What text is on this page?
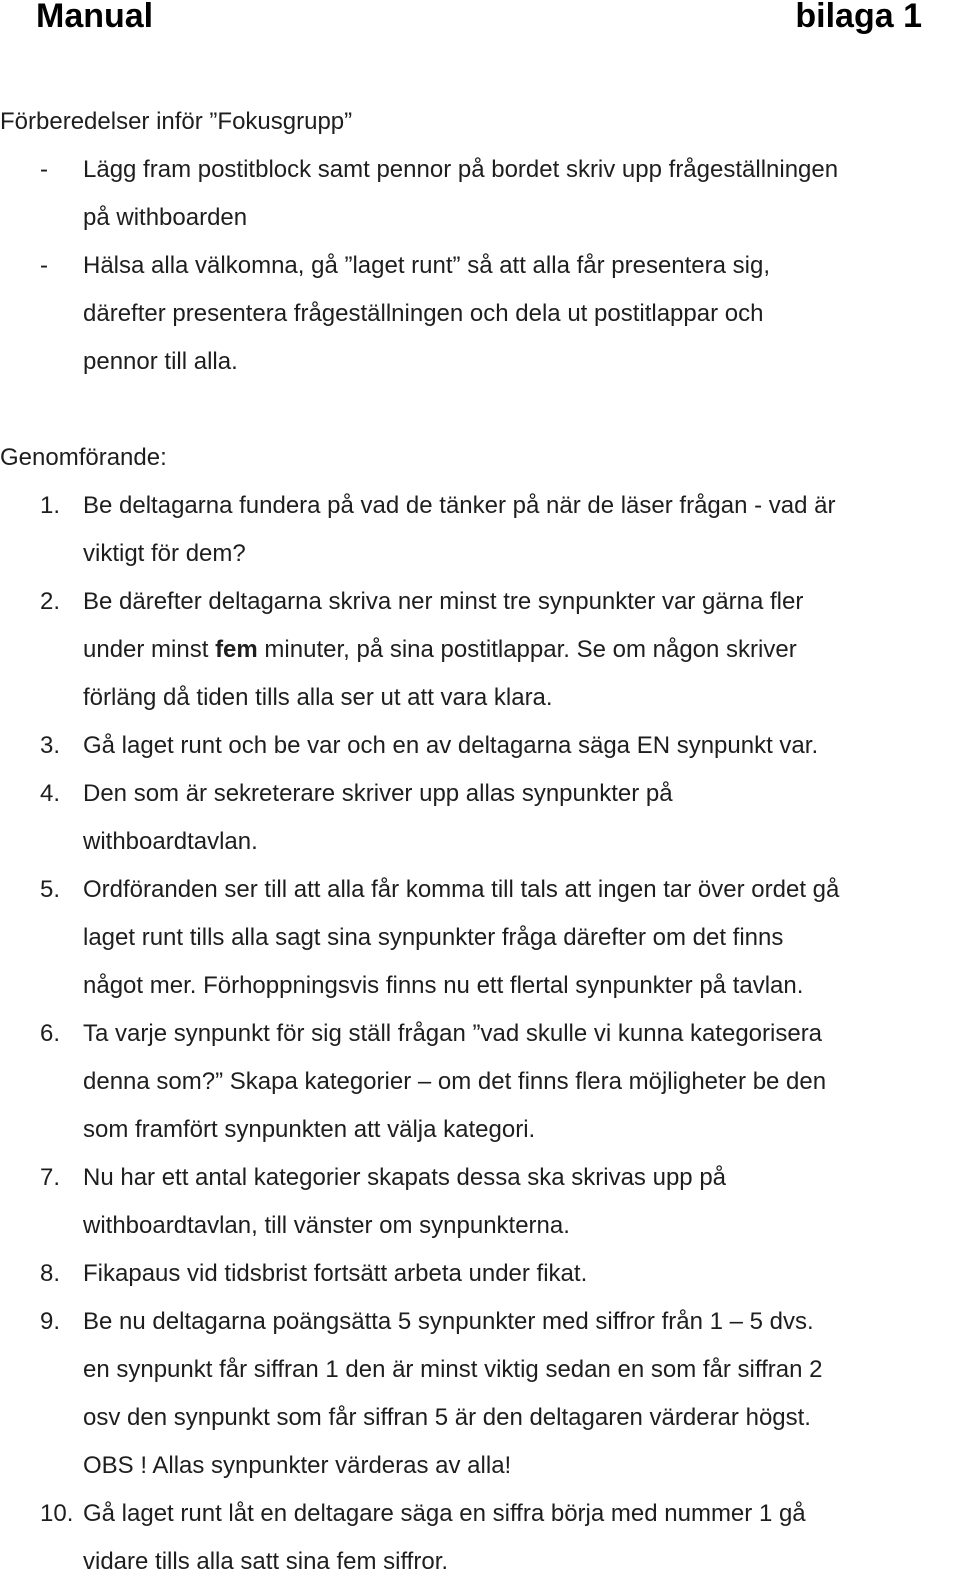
Manual	bilaga 1
Förberedelser inför ”Fokusgrupp”
- Lägg fram postitblock samt pennor på bordet skriv upp frågeställningen
på withboarden
- Hälsa alla välkomna, gå ”laget runt” så att alla får presentera sig,
därefter presentera frågeställningen och dela ut postitlappar och
pennor till alla.
Genomförande:
1. Be deltagarna fundera på vad de tänker på när de läser frågan - vad är
viktigt för dem?
2. Be därefter deltagarna skriva ner minst tre synpunkter var gärna fler
under minst fem minuter, på sina postitlappar. Se om någon skriver
förläng då tiden tills alla ser ut att vara klara.
3. Gå laget runt och be var och en av deltagarna säga EN synpunkt var.
4. Den som är sekreterare skriver upp allas synpunkter på
withboardtavlan.
5. Ordföranden ser till att alla får komma till tals att ingen tar över ordet gå
laget runt tills alla sagt sina synpunkter fråga därefter om det finns
något mer. Förhoppningsvis finns nu ett flertal synpunkter på tavlan.
6. Ta varje synpunkt för sig ställ frågan ”vad skulle vi kunna kategorisera
denna som?” Skapa kategorier – om det finns flera möjligheter be den
som framfört synpunkten att välja kategori.
7. Nu har ett antal kategorier skapats dessa ska skrivas upp på
withboardtavlan, till vänster om synpunkterna.
8. Fikapaus vid tidsbrist fortsätt arbeta under fikat.
9. Be nu deltagarna poängsätta 5 synpunkter med siffror från 1 – 5 dvs.
en synpunkt får siffran 1 den är minst viktig sedan en som får siffran 2
osv den synpunkt som får siffran 5 är den deltagaren värderar högst.
OBS ! Allas synpunkter värderas av alla!
10. Gå laget runt låt en deltagare säga en siffra börja med nummer 1 gå
vidare tills alla satt sina fem siffror.
